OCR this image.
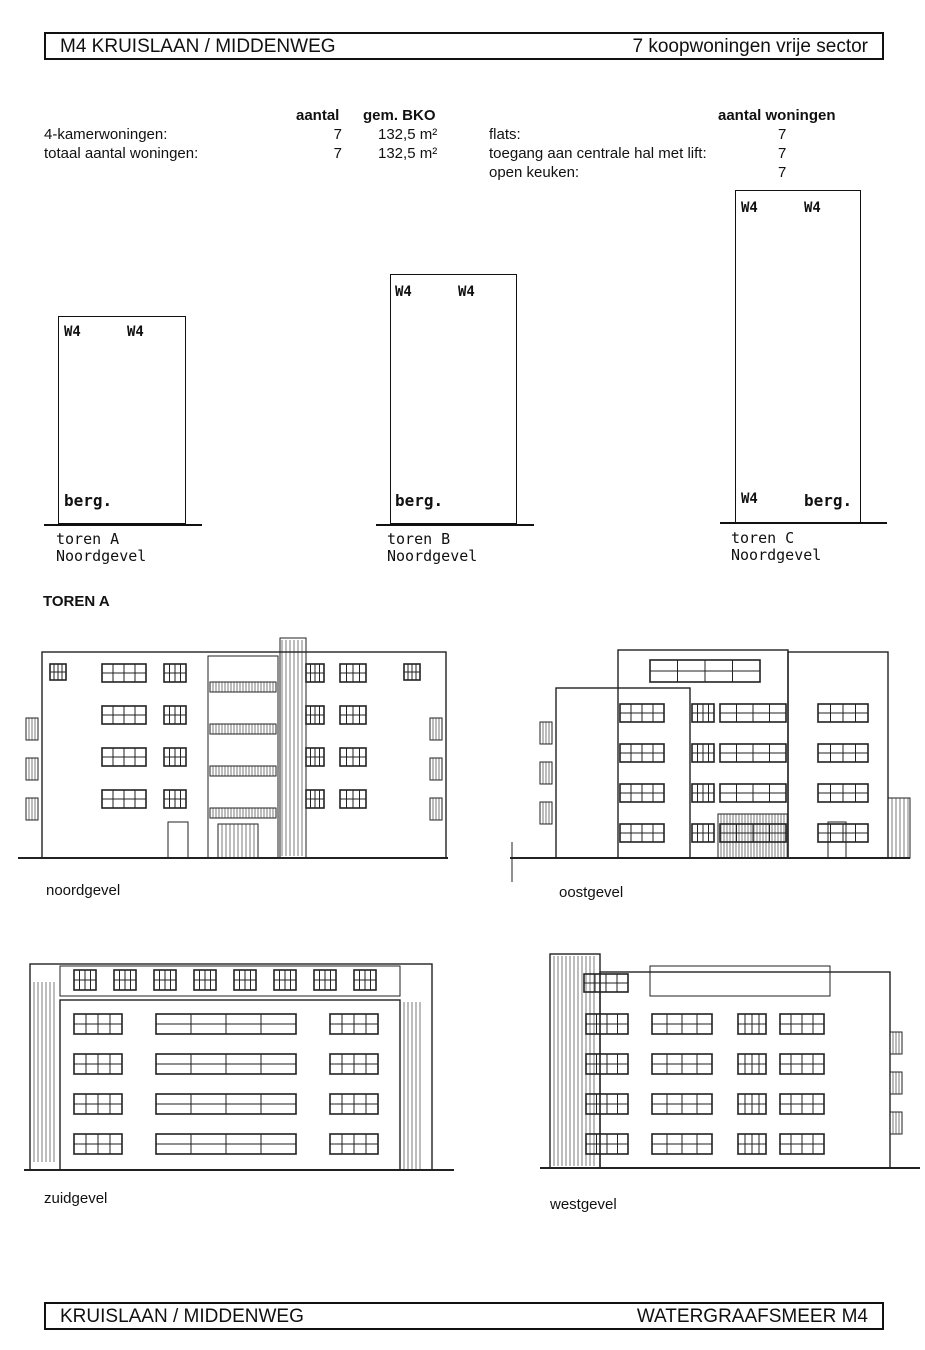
M4 KRUISLAAN / MIDDENWEG	7 koopwoningen vrije sector
aantal gem. BKO
4-kamerwoningen:	7 132,5 m²
totaal aantal woningen:	7 132,5 m²
aantal woningen
flats:	7
toegang aan centrale hal met lift:	7
open keuken:	7
W4	W4
berg.
toren A
Noordgevel
W4	W4
berg.
toren B
Noordgevel
W4	W4
W4	berg.
toren C
Noordgevel
TOREN A
noordgevel	oostgevel
zuidgevel	westgevel
KRUISLAAN / MIDDENWEG	WATERGRAAFSMEER M4
